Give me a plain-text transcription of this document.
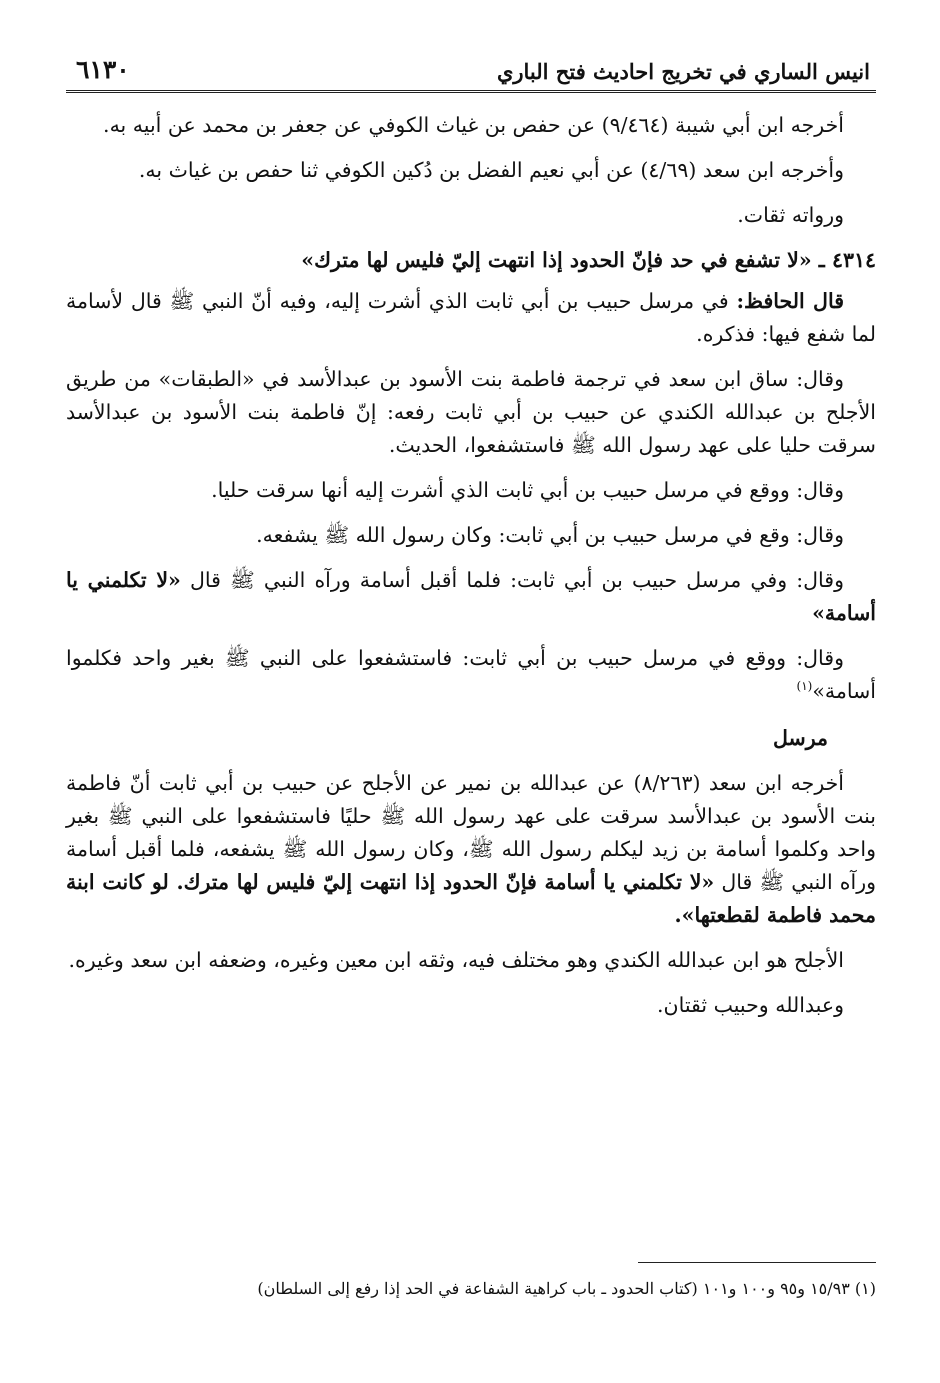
انيس الساري في تخريج احاديث فتح الباري
٦١٣٠

أخرجه ابن أبي شيبة (٩/٤٦٤) عن حفص بن غياث الكوفي عن جعفر بن محمد عن أبيه به.

وأخرجه ابن سعد (٤/٦٩) عن أبي نعيم الفضل بن دُكين الكوفي ثنا حفص بن غياث به.

ورواته ثقات.

٤٣١٤ ـ «لا تشفع في حد فإنّ الحدود إذا انتهت إليّ فليس لها مترك»

قال الحافظ: في مرسل حبيب بن أبي ثابت الذي أشرت إليه، وفيه أنّ النبي ﷺ قال لأسامة لما شفع فيها: فذكره.

وقال: ساق ابن سعد في ترجمة فاطمة بنت الأسود بن عبدالأسد في «الطبقات» من طريق الأجلح بن عبدالله الكندي عن حبيب بن أبي ثابت رفعه: إنّ فاطمة بنت الأسود بن عبدالأسد سرقت حليا على عهد رسول الله ﷺ فاستشفعوا، الحديث.

وقال: ووقع في مرسل حبيب بن أبي ثابت الذي أشرت إليه أنها سرقت حليا.

وقال: وقع في مرسل حبيب بن أبي ثابت: وكان رسول الله ﷺ يشفعه.

وقال: وفي مرسل حبيب بن أبي ثابت: فلما أقبل أسامة ورآه النبي ﷺ قال «لا تكلمني يا أسامة»

وقال: ووقع في مرسل حبيب بن أبي ثابت: فاستشفعوا على النبي ﷺ بغير واحد فكلموا أسامة»$^{(١)}$

مرسل

أخرجه ابن سعد (٨/٢٦٣) عن عبدالله بن نمير عن الأجلح عن حبيب بن أبي ثابت أنّ فاطمة بنت الأسود بن عبدالأسد سرقت على عهد رسول الله ﷺ حليًا فاستشفعوا على النبي ﷺ بغير واحد وكلموا أسامة بن زيد ليكلم رسول الله ﷺ، وكان رسول الله ﷺ يشفعه، فلما أقبل أسامة ورآه النبي ﷺ قال «لا تكلمني يا أسامة فإنّ الحدود إذا انتهت إليّ فليس لها مترك. لو كانت ابنة محمد فاطمة لقطعتها».

الأجلح هو ابن عبدالله الكندي وهو مختلف فيه، وثقه ابن معين وغيره، وضعفه ابن سعد وغيره.

وعبدالله وحبيب ثقتان.

(١) ١٥/٩٣ و٩٥ و١٠٠ و١٠١ (كتاب الحدود ـ باب كراهية الشفاعة في الحد إذا رفع إلى السلطان)
